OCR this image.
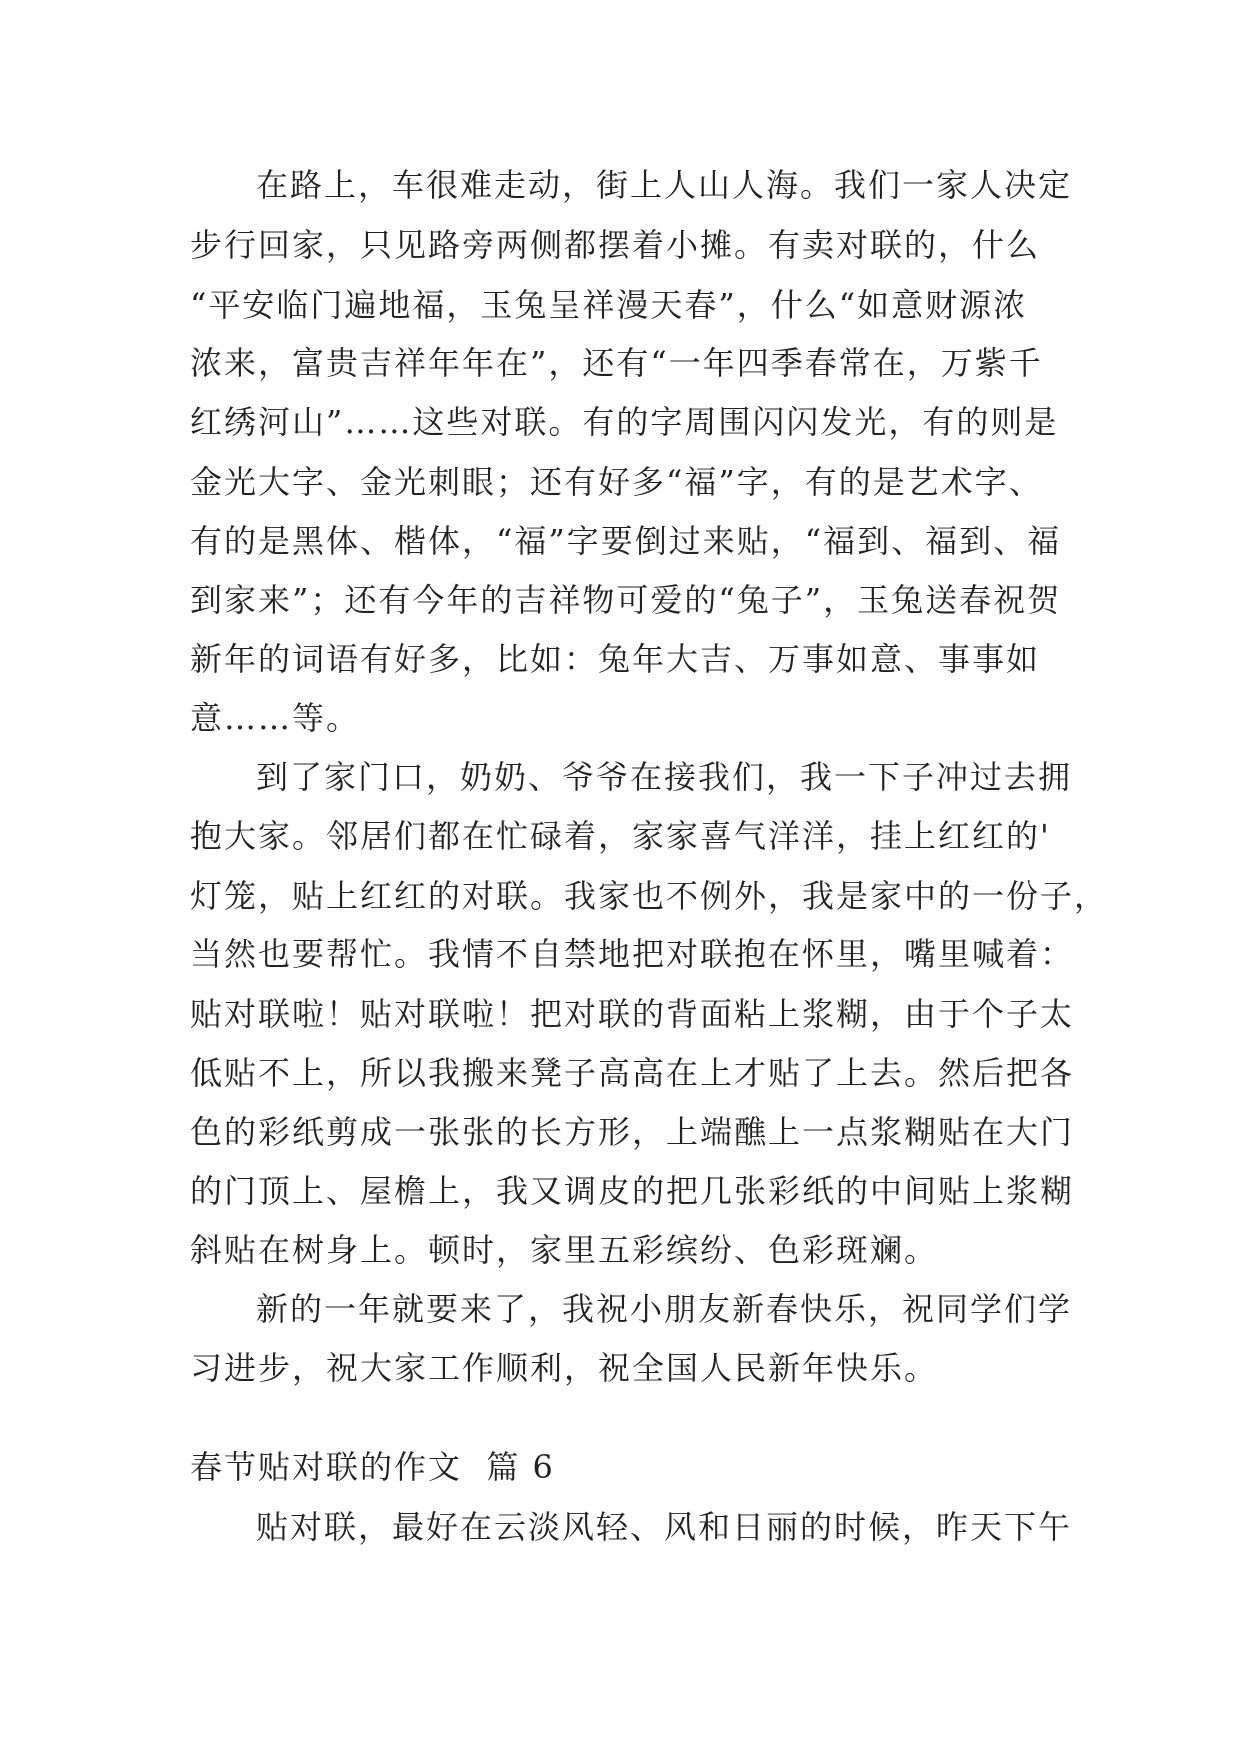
在路上，车很难走动，街上人山人海。我们一家人决定
步行回家，只见路旁两侧都摆着小摊。有卖对联的，什么
“平安临门遍地福，玉兔呈祥漫天春”，什么“如意财源浓
浓来，富贵吉祥年年在”，还有“一年四季春常在，万紫千
红绣河山”……这些对联。有的字周围闪闪发光，有的则是
金光大字、金光刺眼；还有好多“福”字，有的是艺术字、
有的是黑体、楷体，“福”字要倒过来贴，“福到、福到、福
到家来”；还有今年的吉祥物可爱的“兔子”，玉兔送春祝贺
新年的词语有好多，比如：兔年大吉、万事如意、事事如
意……等。
到了家门口，奶奶、爷爷在接我们，我一下子冲过去拥
抱大家。邻居们都在忙碌着，家家喜气洋洋，挂上红红的'
灯笼，贴上红红的对联。我家也不例外，我是家中的一份子，
当然也要帮忙。我情不自禁地把对联抱在怀里，嘴里喊着：
贴对联啦！贴对联啦！把对联的背面粘上浆糊，由于个子太
低贴不上，所以我搬来凳子高高在上才贴了上去。然后把各
色的彩纸剪成一张张的长方形，上端醮上一点浆糊贴在大门
的门顶上、屋檐上，我又调皮的把几张彩纸的中间贴上浆糊
斜贴在树身上。顿时，家里五彩缤纷、色彩斑斓。
新的一年就要来了，我祝小朋友新春快乐，祝同学们学
习进步，祝大家工作顺利，祝全国人民新年快乐。
春节贴对联的作文  篇 6
贴对联，最好在云淡风轻、风和日丽的时候，昨天下午
